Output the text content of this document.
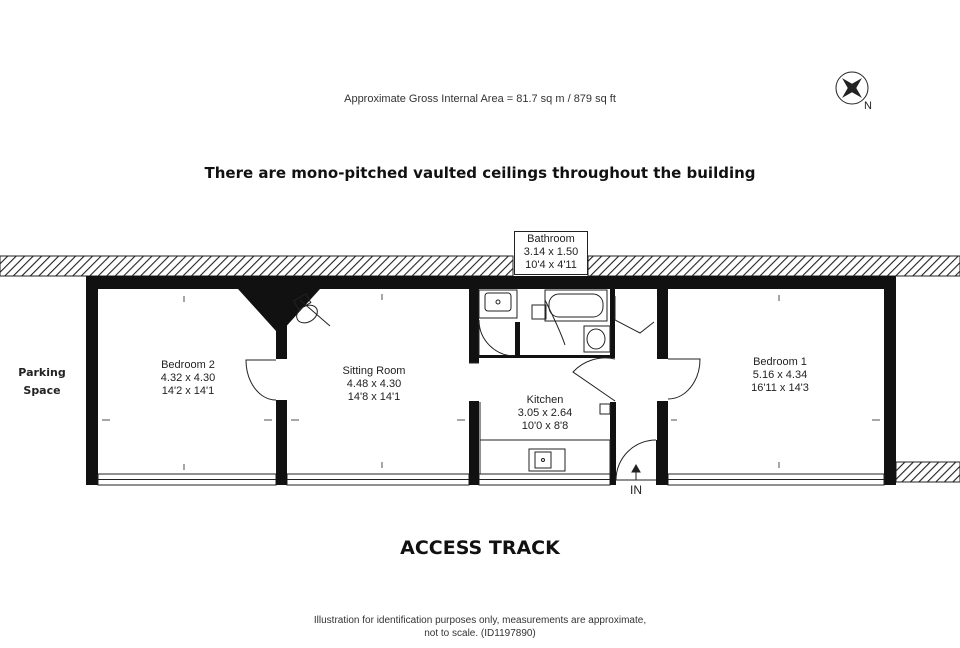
Approximate Gross Internal Area = 81.7 sq m / 879 sq ft
There are mono-pitched vaulted ceilings throughout the building
N
Parking
Space
Bedroom 2
4.32 x 4.30
14'2 x 14'1
Sitting Room
4.48 x 4.30
14'8 x 14'1	Kitchen
3.05 x 2.64
10'0 x 8'8
Bathroom
3.14 x 1.50
10'4 x 4'11
Bedroom 1
5.16 x 4.34
16'11 x 14'3
IN
ACCESS TRACK
Illustration for identification purposes only, measurements are approximate,
not to scale. (ID1197890)
